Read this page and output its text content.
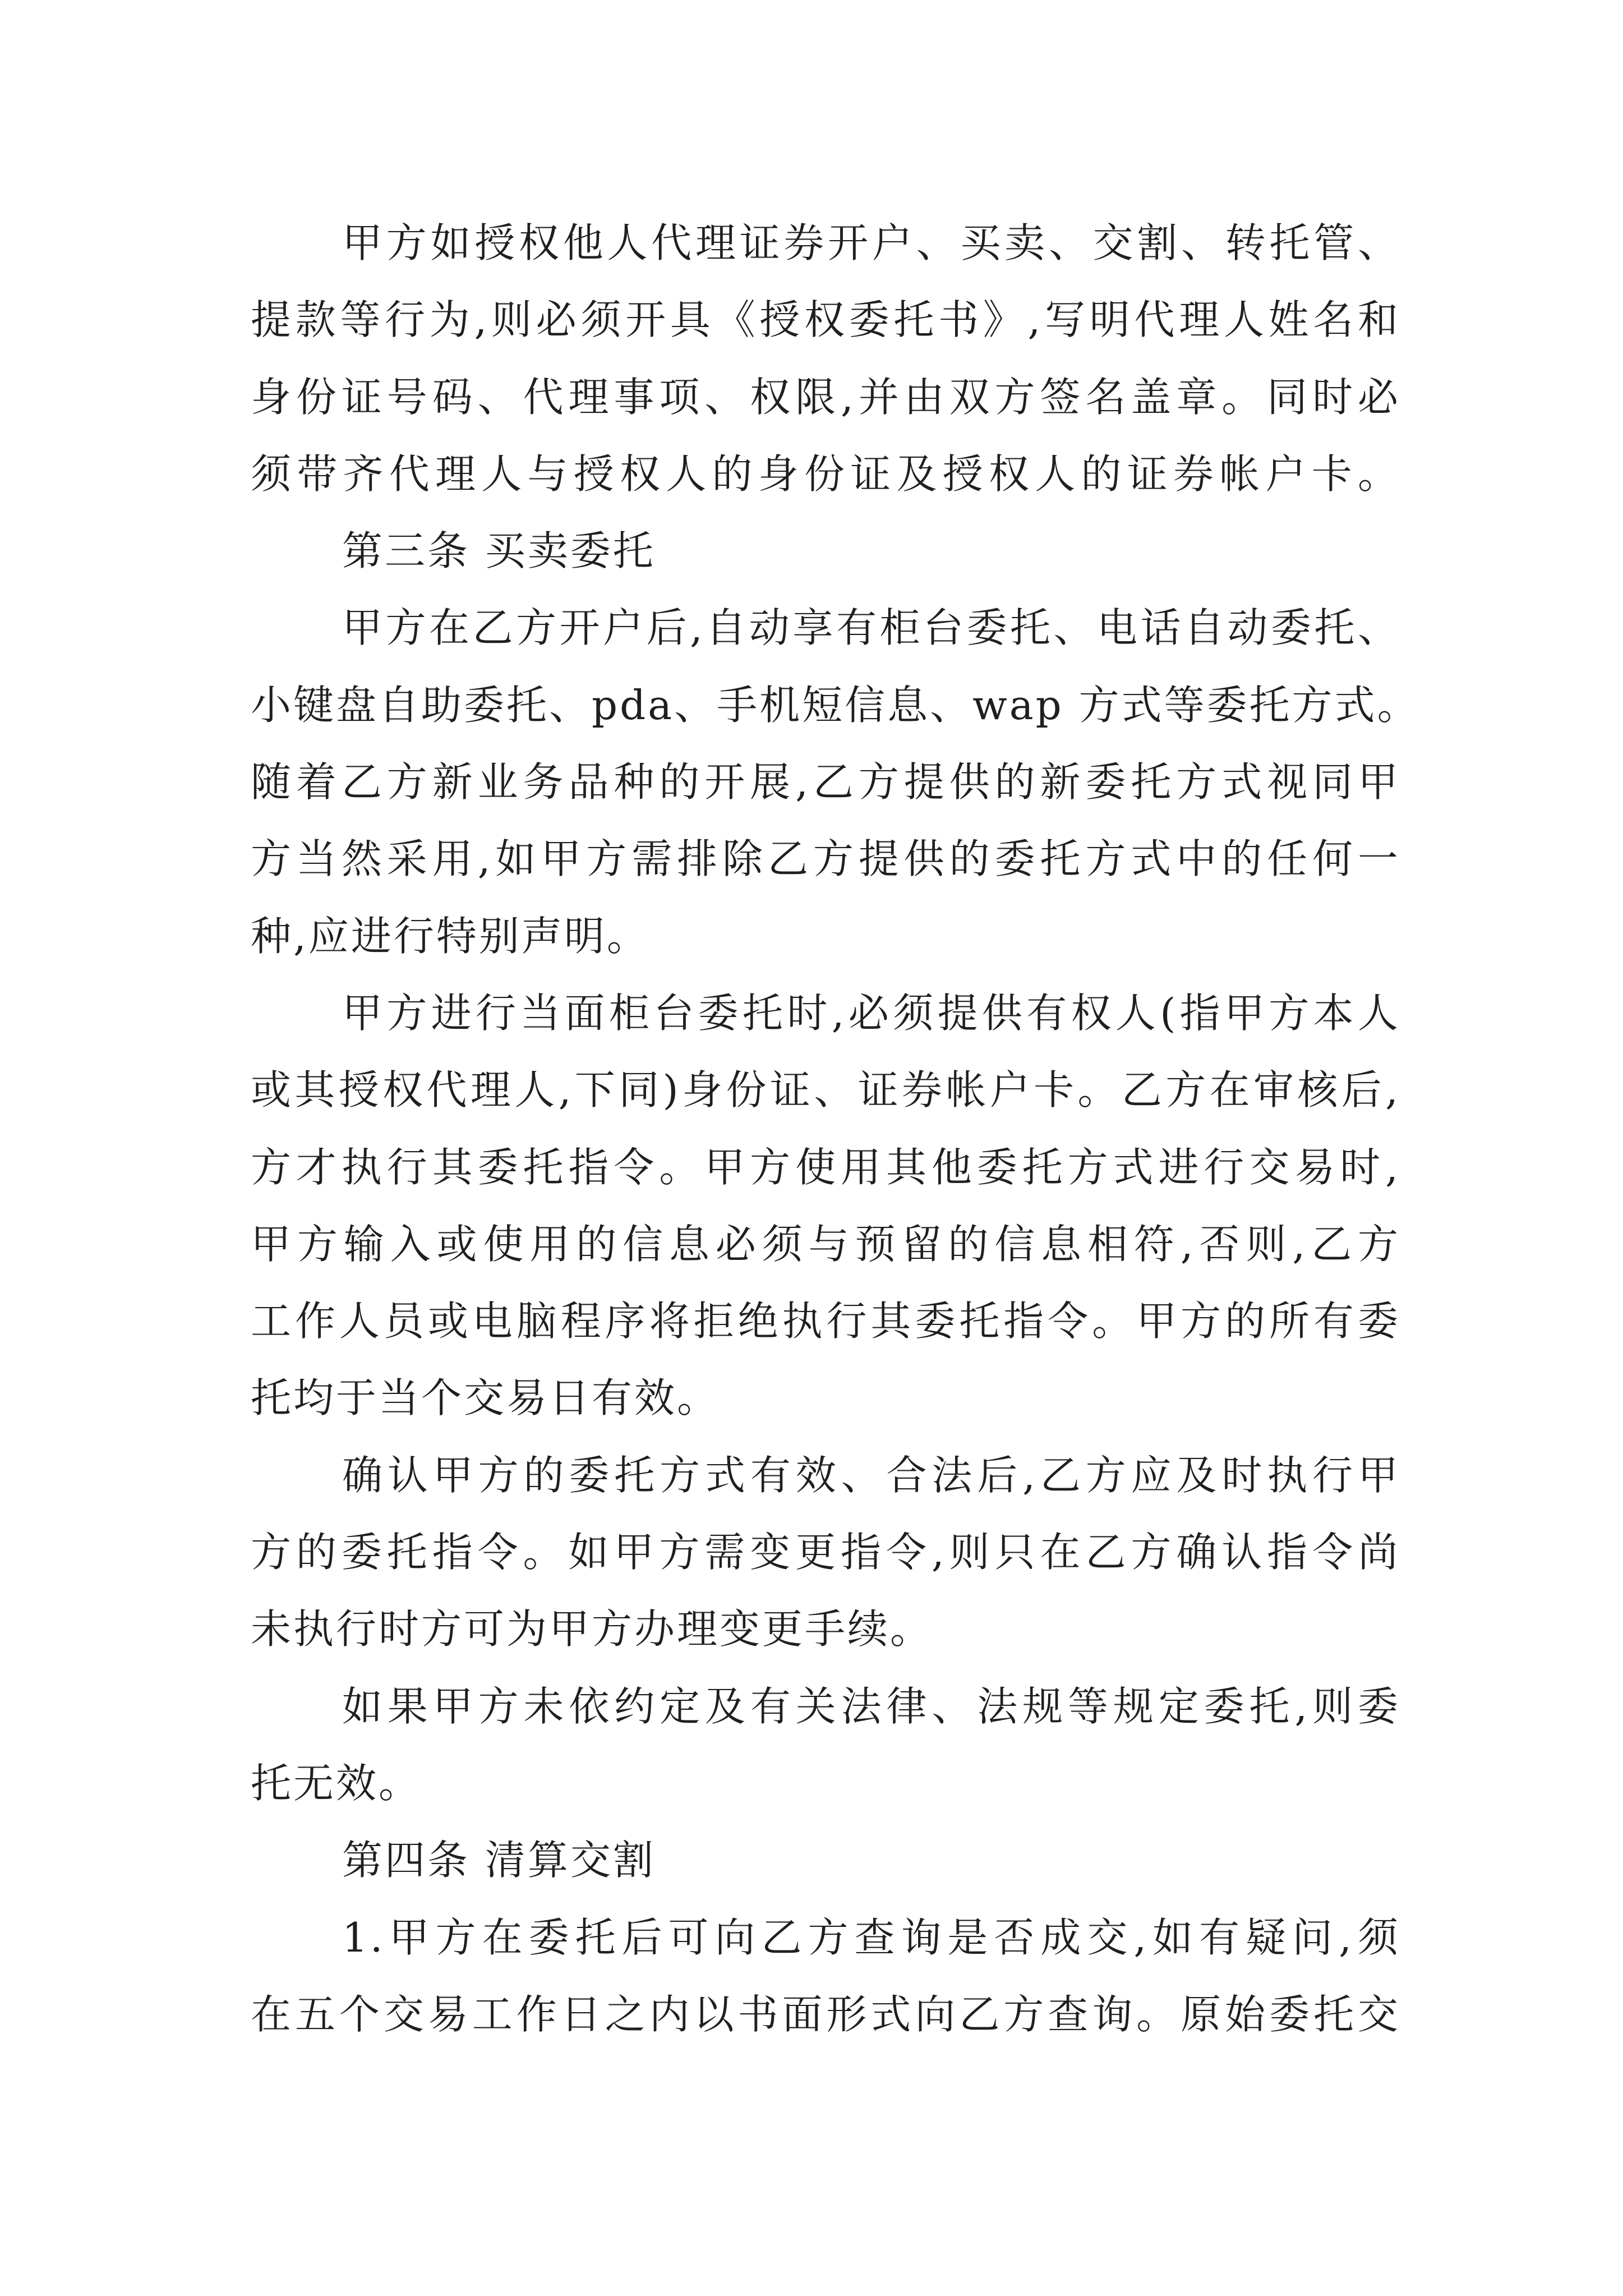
甲方如授权他人代理证券开户、买卖、交割、转托管、
提款等行为,则必须开具《授权委托书》,写明代理人姓名和
身份证号码、代理事项、权限,并由双方签名盖章。同时必
须带齐代理人与授权人的身份证及授权人的证券帐户卡。
第三条 买卖委托
甲方在乙方开户后,自动享有柜台委托、电话自动委托、
小键盘自助委托、pda、手机短信息、wap 方式等委托方式。
随着乙方新业务品种的开展,乙方提供的新委托方式视同甲
方当然采用,如甲方需排除乙方提供的委托方式中的任何一
种,应进行特别声明。
甲方进行当面柜台委托时,必须提供有权人(指甲方本人
或其授权代理人,下同)身份证、证券帐户卡。乙方在审核后,
方才执行其委托指令。甲方使用其他委托方式进行交易时,
甲方输入或使用的信息必须与预留的信息相符,否则,乙方
工作人员或电脑程序将拒绝执行其委托指令。甲方的所有委
托均于当个交易日有效。
确认甲方的委托方式有效、合法后,乙方应及时执行甲
方的委托指令。如甲方需变更指令,则只在乙方确认指令尚
未执行时方可为甲方办理变更手续。
如果甲方未依约定及有关法律、法规等规定委托,则委
托无效。
第四条 清算交割
1.甲方在委托后可向乙方查询是否成交,如有疑问,须
在五个交易工作日之内以书面形式向乙方查询。原始委托交
